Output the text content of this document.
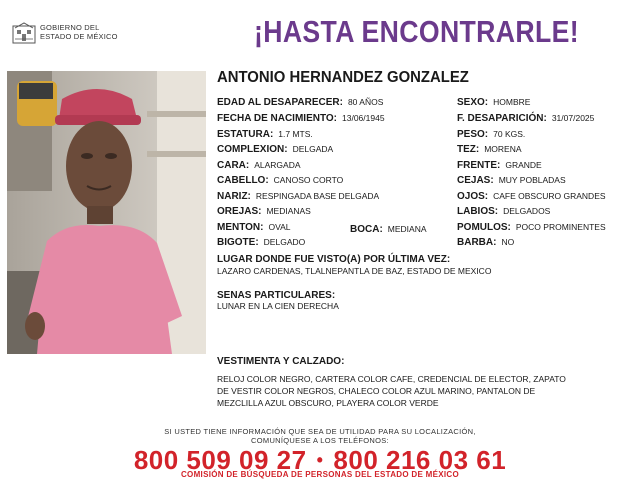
GOBIERNO DEL
ESTADO DE MÉXICO	¡HASTA ENCONTRARLE!
ANTONIO HERNANDEZ GONZALEZ
EDAD AL DESAPARECER: 80 AÑOS
FECHA DE NACIMIENTO: 13/06/1945
ESTATURA: 1.7 MTS.
COMPLEXION: DELGADA
CARA: ALARGADA
CABELLO: CANOSO CORTO
NARIZ: RESPINGADA BASE DELGADA
OREJAS: MEDIANAS
MENTON: OVAL
BIGOTE: DELGADO
BOCA: MEDIANA
SEXO: HOMBRE
F. DESAPARICIÓN: 31/07/2025
PESO: 70 KGS.
TEZ: MORENA
FRENTE: GRANDE
CEJAS: MUY POBLADAS
OJOS: CAFE OBSCURO GRANDES
LABIOS: DELGADOS
POMULOS: POCO PROMINENTES
BARBA: NO
LUGAR DONDE FUE VISTO(A) POR ÚLTIMA VEZ:
LAZARO CARDENAS, TLALNEPANTLA DE BAZ, ESTADO DE MEXICO
SENAS PARTICULARES:
LUNAR EN LA CIEN DERECHA
VESTIMENTA Y CALZADO:
RELOJ COLOR NEGRO, CARTERA COLOR CAFE, CREDENCIAL DE ELECTOR, ZAPATO
DE VESTIR COLOR NEGROS, CHALECO COLOR AZUL MARINO, PANTALON DE
MEZCLILLA AZUL OBSCURO, PLAYERA COLOR VERDE
SI USTED TIENE INFORMACIÓN QUE SEA DE UTILIDAD PARA SU LOCALIZACIÓN,
COMUNÍQUESE A LOS TELÉFONOS:
800 509 09 27 • 800 216 03 61
COMISIÓN DE BÚSQUEDA DE PERSONAS DEL ESTADO DE MÉXICO
